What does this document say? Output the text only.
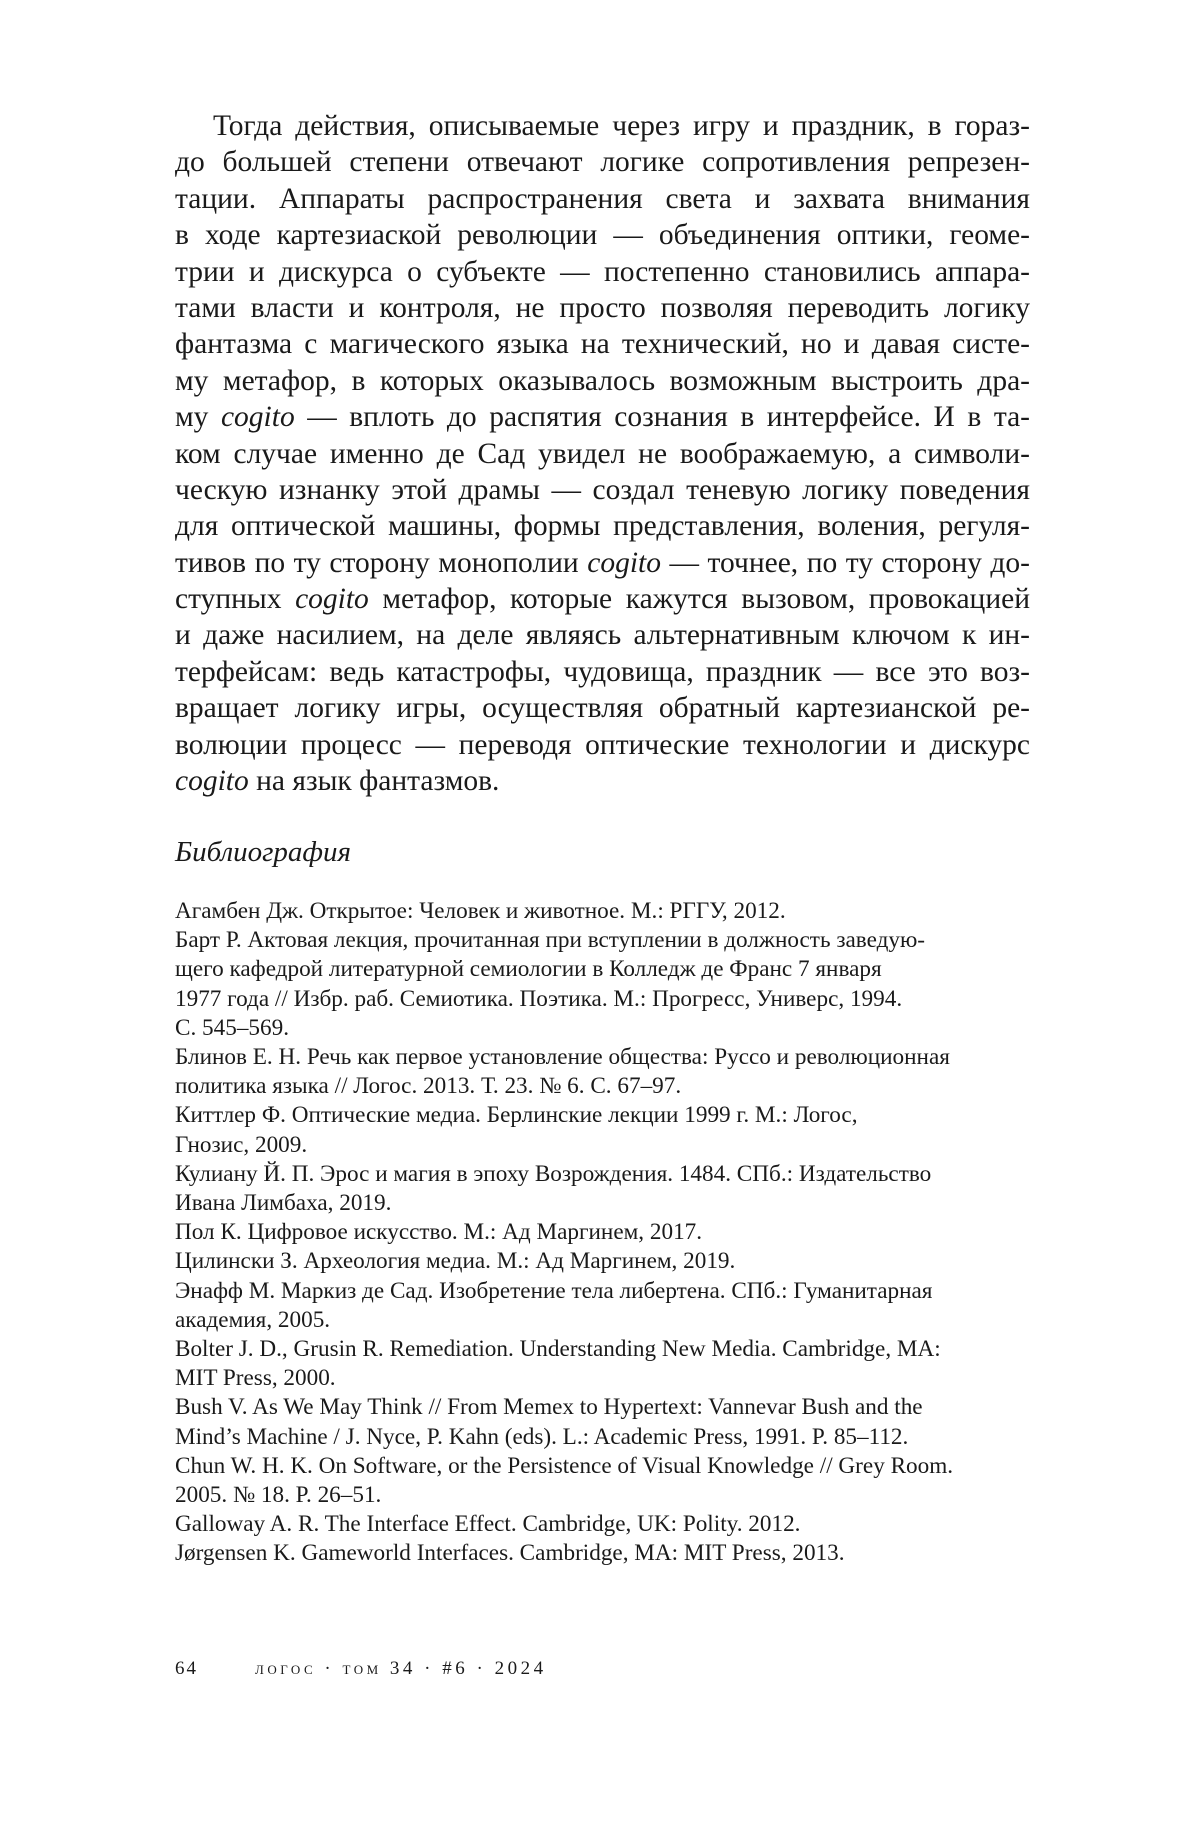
Тогда действия, описываемые через игру и праздник, в горaз-
до большей степени отвечают логике сопротивления репрезен-
тации. Аппараты распространения света и захвата внимания
в ходе картезиаской революции — объединения оптики, геоме-
трии и дискурса о субъекте — постепенно становились аппара-
тами власти и контроля, не просто позволяя переводить логику
фантазма с магического языка на технический, но и давая систе-
му метафор, в которых оказывалось возможным выстроить дра-
му cogito — вплоть до распятия сознания в интерфейсе. И в та-
ком случае именно де Сад увидел не воображаемую, а символи-
ческую изнанку этой драмы — создал теневую логику поведения
для оптической машины, формы представления, воления, регуля-
тивов по ту сторону монополии cogito — точнее, по ту сторону до-
ступных cogito метафор, которые кажутся вызовом, провокацией
и даже насилием, на деле являясь альтернативным ключом к ин-
терфейсам: ведь катастрофы, чудовища, праздник — все это воз-
вращает логику игры, осуществляя обратный картезианской ре-
волюции процесс — переводя оптические технологии и дискурс
cogito на язык фантазмов.
Библиография
Агамбен Дж. Открытое: Человек и животное. М.: РГГУ, 2012.
Барт Р. Актовая лекция, прочитанная при вступлении в должность заведую-
щего кафедрой литературной семиологии в Колледж де Франс 7 января
1977 года // Избр. раб. Семиотика. Поэтика. М.: Прогресс, Универс, 1994.
С. 545–569.
Блинов Е. Н. Речь как первое установление общества: Руссо и революционная
политика языка // Логос. 2013. Т. 23. № 6. С. 67–97.
Киттлер Ф. Оптические медиа. Берлинские лекции 1999 г. М.: Логос,
Гнозис, 2009.
Кулиану Й. П. Эрос и магия в эпоху Возрождения. 1484. СПб.: Издательство
Ивана Лимбаха, 2019.
Пол К. Цифровое искусство. М.: Ад Маргинем, 2017.
Цилински З. Археология медиа. М.: Ад Маргинем, 2019.
Энафф М. Маркиз де Сад. Изобретение тела либертена. СПб.: Гуманитарная
академия, 2005.
Bolter J. D., Grusin R. Remediation. Understanding New Media. Cambridge, MA:
MIT Press, 2000.
Bush V. As We May Think // From Memex to Hypertext: Vannevar Bush and the
Mind’s Machine / J. Nyce, P. Kahn (eds). L.: Academic Press, 1991. P. 85–112.
Chun W. H. K. On Software, or the Persistence of Visual Knowledge // Grey Room.
2005. № 18. P. 26–51.
Galloway A. R. The Interface Effect. Cambridge, UK: Polity. 2012.
Jørgensen K. Gameworld Interfaces. Cambridge, MA: MIT Press, 2013.
64	логос · том 34 · #6 · 2024
